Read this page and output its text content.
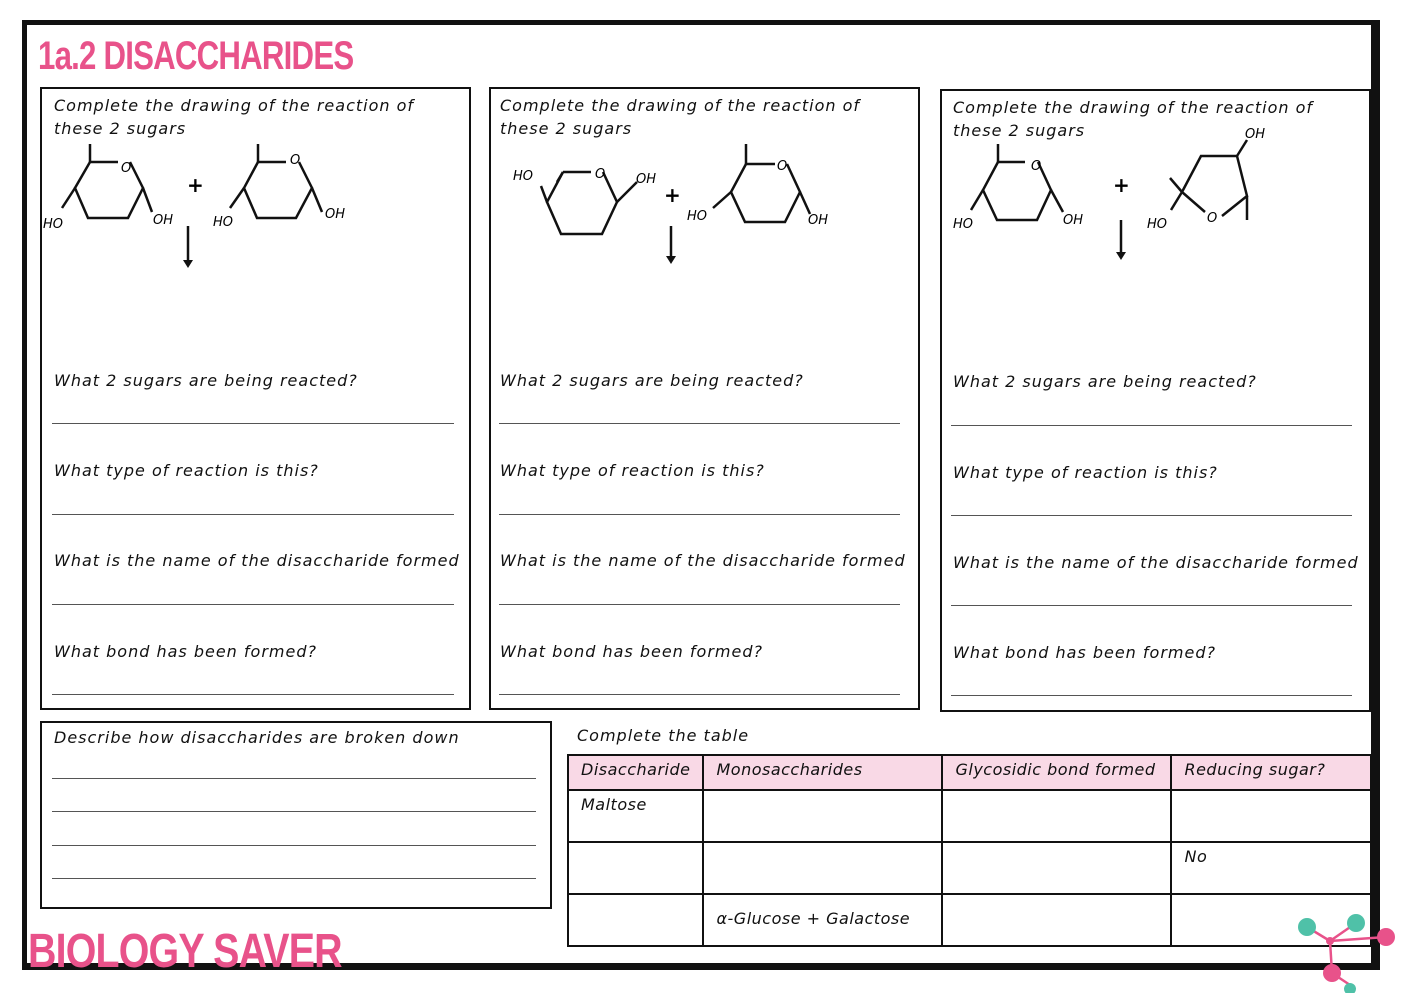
1a.2 DISACCHARIDES
Complete the drawing of the reaction of these 2 sugars
O
HO	OH
O
HO
OH
+
What 2 sugars are being reacted?
What type of reaction is this?
What is the name of the disaccharide formed
What bond has been formed?
Complete the drawing of the reaction of these 2 sugars
HO	O OH
O
HO	OH
+
What 2 sugars are being reacted?
What type of reaction is this?
What is the name of the disaccharide formed
What bond has been formed?
Complete the drawing of the reaction of these 2 sugars
O
HO	OH
OH
O
HO
+
What 2 sugars are being reacted?
What type of reaction is this?
What is the name of the disaccharide formed
What bond has been formed?
Describe how disaccharides are broken down	Complete the table
Disaccharide	Monosaccharides	Glycosidic bond formed	Reducing sugar?
Maltose			
			No
	α-Glucose + Galactose		
BIOLOGY SAVER
